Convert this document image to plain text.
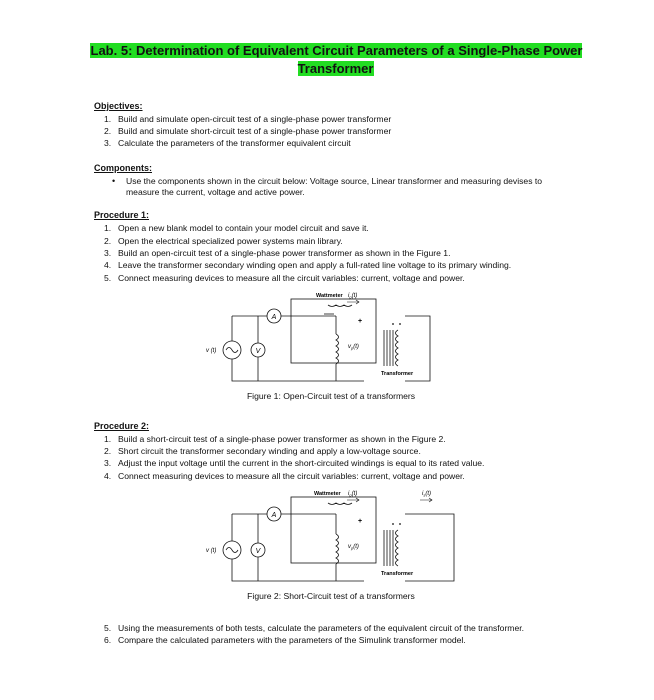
Lab. 5: Determination of Equivalent Circuit Parameters of a Single-Phase Power Transformer
Objectives:
1. Build and simulate open-circuit test of a single-phase power transformer
2. Build and simulate short-circuit test of a single-phase power transformer
3. Calculate the parameters of the transformer equivalent circuit
Components:
•	Use the components shown in the circuit below: Voltage source, Linear transformer and measuring devises to measure the current, voltage and active power.
Procedure 1:
1. Open a new blank model to contain your model circuit and save it.
2. Open the electrical specialized power systems main library.
3. Build an open-circuit test of a single-phase power transformer as shown in the Figure 1.
4. Leave the transformer secondary winding open and apply a full-rated line voltage to its primary winding.
5. Connect measuring devices to measure all the circuit variables: current, voltage and power.
A
V
v (t)
Wattmeter $i_p(t)$
+
$v_p(t)$
Transformer
Figure 1: Open-Circuit test of a transformers
Procedure 2:
1. Build a short-circuit test of a single-phase power transformer as shown in the Figure 2.
2. Short circuit the transformer secondary winding and apply a low-voltage source.
3. Adjust the input voltage until the current in the short-circuited windings is equal to its rated value.
4. Connect measuring devices to measure all the circuit variables: current, voltage and power.
A
V
v (t)
Wattmeter $i_p(t)$	$i_s(t)$
+
$v_p(t)$
Transformer
Figure 2: Short-Circuit test of a transformers
5. Using the measurements of both tests, calculate the parameters of the equivalent circuit of the transformer.
6. Compare the calculated parameters with the parameters of the Simulink transformer model.
